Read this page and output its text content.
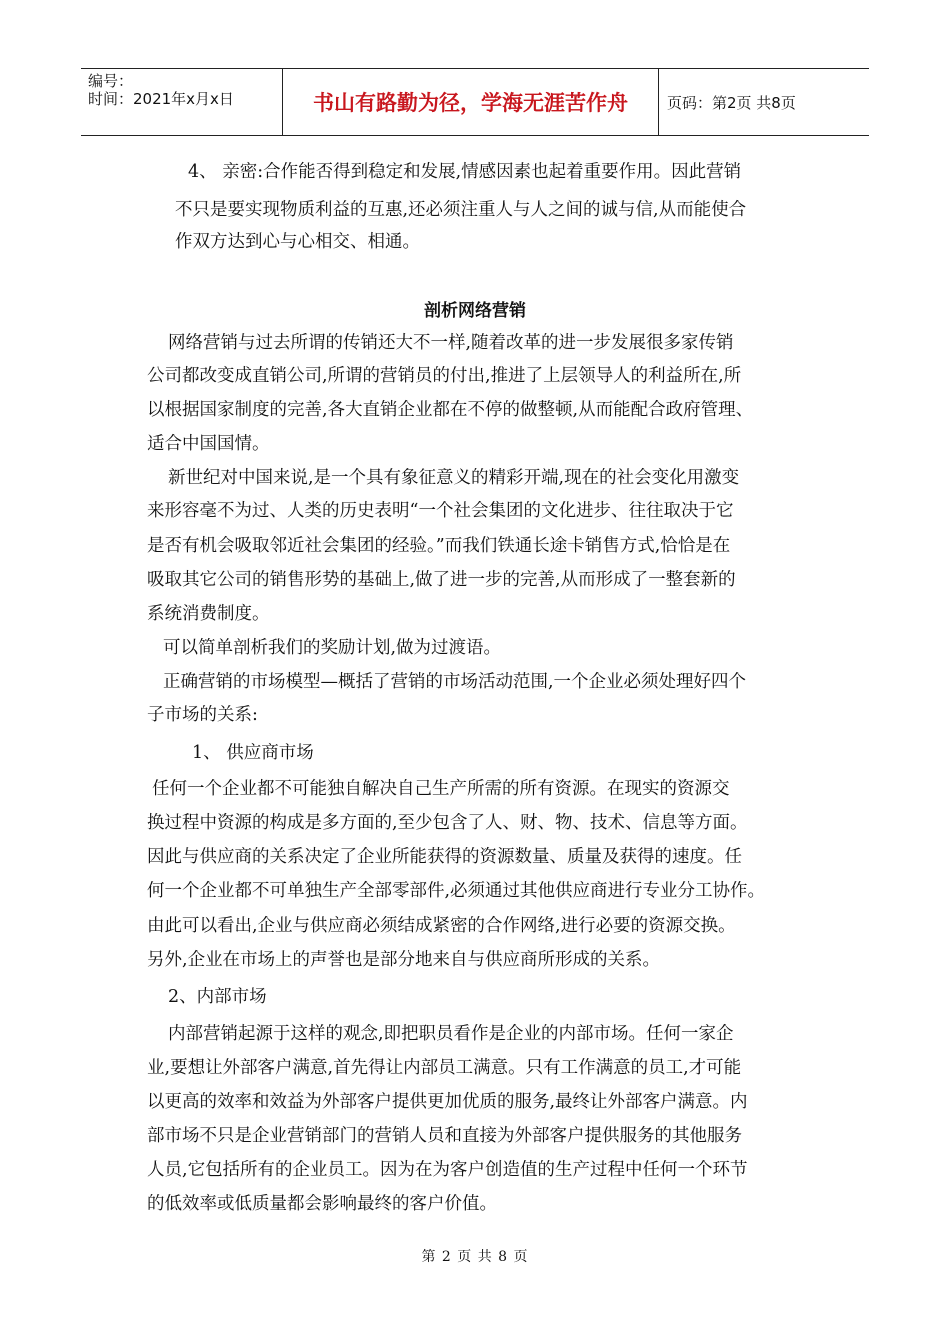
编号：
时间：2021年x月x日	书山有路勤为径，学海无涯苦作舟	页码：第2页 共8页
4、 亲密:合作能否得到稳定和发展,情感因素也起着重要作用。因此营销
不只是要实现物质利益的互惠,还必须注重人与人之间的诚与信,从而能使合
作双方达到心与心相交、相通。
剖析网络营销
网络营销与过去所谓的传销还大不一样,随着改革的进一步发展很多家传销
公司都改变成直销公司,所谓的营销员的付出,推进了上层领导人的利益所在,所
以根据国家制度的完善,各大直销企业都在不停的做整顿,从而能配合政府管理、
适合中国国情。
新世纪对中国来说,是一个具有象征意义的精彩开端,现在的社会变化用激变
来形容毫不为过、人类的历史表明“一个社会集团的文化进步、往往取决于它
是否有机会吸取邻近社会集团的经验。”而我们铁通长途卡销售方式,恰恰是在
吸取其它公司的销售形势的基础上,做了进一步的完善,从而形成了一整套新的
系统消费制度。
可以简单剖析我们的奖励计划,做为过渡语。
正确营销的市场模型—概括了营销的市场活动范围,一个企业必须处理好四个
子市场的关系:
1、 供应商市场
任何一个企业都不可能独自解决自己生产所需的所有资源。在现实的资源交
换过程中资源的构成是多方面的,至少包含了人、财、物、技术、信息等方面。
因此与供应商的关系决定了企业所能获得的资源数量、质量及获得的速度。任
何一个企业都不可单独生产全部零部件,必须通过其他供应商进行专业分工协作。
由此可以看出,企业与供应商必须结成紧密的合作网络,进行必要的资源交换。
另外,企业在市场上的声誉也是部分地来自与供应商所形成的关系。
2、内部市场
内部营销起源于这样的观念,即把职员看作是企业的内部市场。任何一家企
业,要想让外部客户满意,首先得让内部员工满意。只有工作满意的员工,才可能
以更高的效率和效益为外部客户提供更加优质的服务,最终让外部客户满意。内
部市场不只是企业营销部门的营销人员和直接为外部客户提供服务的其他服务
人员,它包括所有的企业员工。因为在为客户创造值的生产过程中任何一个环节
的低效率或低质量都会影响最终的客户价值。
第 2 页 共 8 页
